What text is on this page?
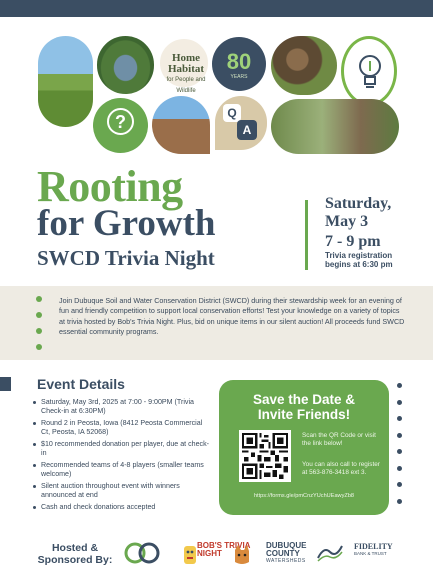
Home
Habitat
for People and Wildlife
80
YEARS
?	Q
A
Rooting
for Growth
SWCD Trivia Night
Saturday,
May 3
7 - 9 pm
Trivia registration begins at 6:30 pm
Join Dubuque Soil and Water Conservation District (SWCD) during their stewardship week for an evening of fun and friendly competition to support local conservation efforts! Test your knowledge on a variety of topics at trivia hosted by Bob's Trivia Night. Plus, bid on unique items in our silent auction! All proceeds fund SWCD essential community programs.
Event Details
Saturday, May 3rd, 2025 at 7:00 - 9:00PM (Trivia Check-in at 6:30PM)
Round 2 in Peosta, Iowa (8412 Peosta Commercial Ct, Peosta, IA 52068)
$10 recommended donation per player, due at check-in
Recommended teams of 4-8 players (smaller teams welcome)
Silent auction throughout event with winners announced at end
Cash and check donations accepted
Save the Date &
Invite Friends!
Scan the QR Code or visit the link below!
You can also call to register at 563-876-3418 ext 3.
https://forms.gle/pmCnzYUchUEawyZb8
Hosted &
Sponsored By:
BOB'S TRIVIA NIGHT
DUBUQUE
COUNTY
WATERSHEDS
FIDELITY
BANK & TRUST
